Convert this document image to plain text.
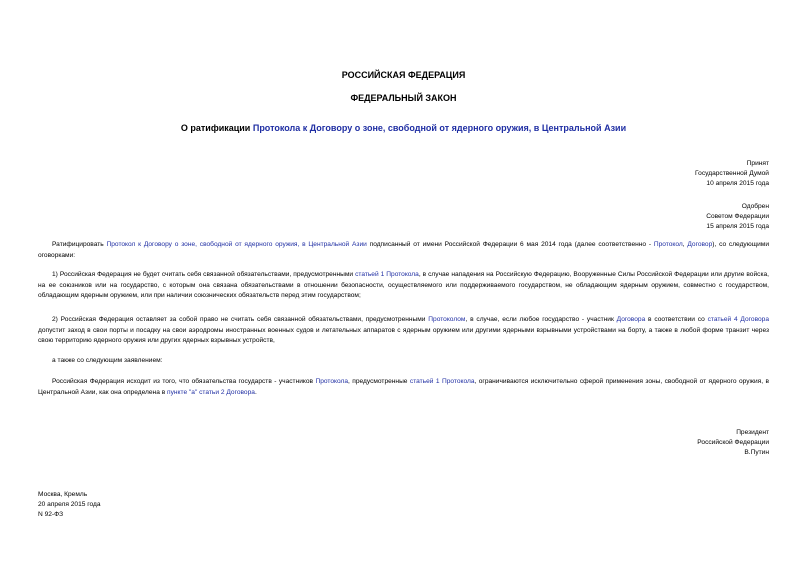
РОССИЙСКАЯ ФЕДЕРАЦИЯ
ФЕДЕРАЛЬНЫЙ ЗАКОН
О ратификации Протокола к Договору о зоне, свободной от ядерного оружия, в Центральной Азии
Принят
Государственной Думой
10 апреля 2015 года
Одобрен
Советом Федерации
15 апреля 2015 года

Ратифицировать Протокол к Договору о зоне, свободной от ядерного оружия, в Центральной Азии подписанный от имени Российской Федерации 6 мая 2014 года (далее соответственно - Протокол, Договор), со следующими оговорками:

1) Российская Федерация не будет считать себя связанной обязательствами, предусмотренными статьей 1 Протокола, в случае нападения на Российскую Федерацию, Вооруженные Силы Российской Федерации или другие войска, на ее союзников или на государство, с которым она связана обязательствами в отношении безопасности, осуществляемого или поддерживаемого государством, не обладающим ядерным оружием, совместно с государством, обладающим ядерным оружием, или при наличии союзнических обязательств перед этим государством;

2) Российская Федерация оставляет за собой право не считать себя связанной обязательствами, предусмотренными Протоколом, в случае, если любое государство - участник Договора в соответствии со статьей 4 Договора допустит заход в свои порты и посадку на свои аэродромы иностранных военных судов и летательных аппаратов с ядерным оружием или другими ядерными взрывными устройствами на борту, а также в любой форме транзит через свою территорию ядерного оружия или других ядерных взрывных устройств,

а также со следующим заявлением:

Российская Федерация исходит из того, что обязательства государств - участников Протокола, предусмотренные статьей 1 Протокола, ограничиваются исключительно сферой применения зоны, свободной от ядерного оружия, в Центральной Азии, как она определена в пункте "а" статьи 2 Договора.

Президент
Российской Федерации
В.Путин
Москва, Кремль
20 апреля 2015 года
N 92-ФЗ
